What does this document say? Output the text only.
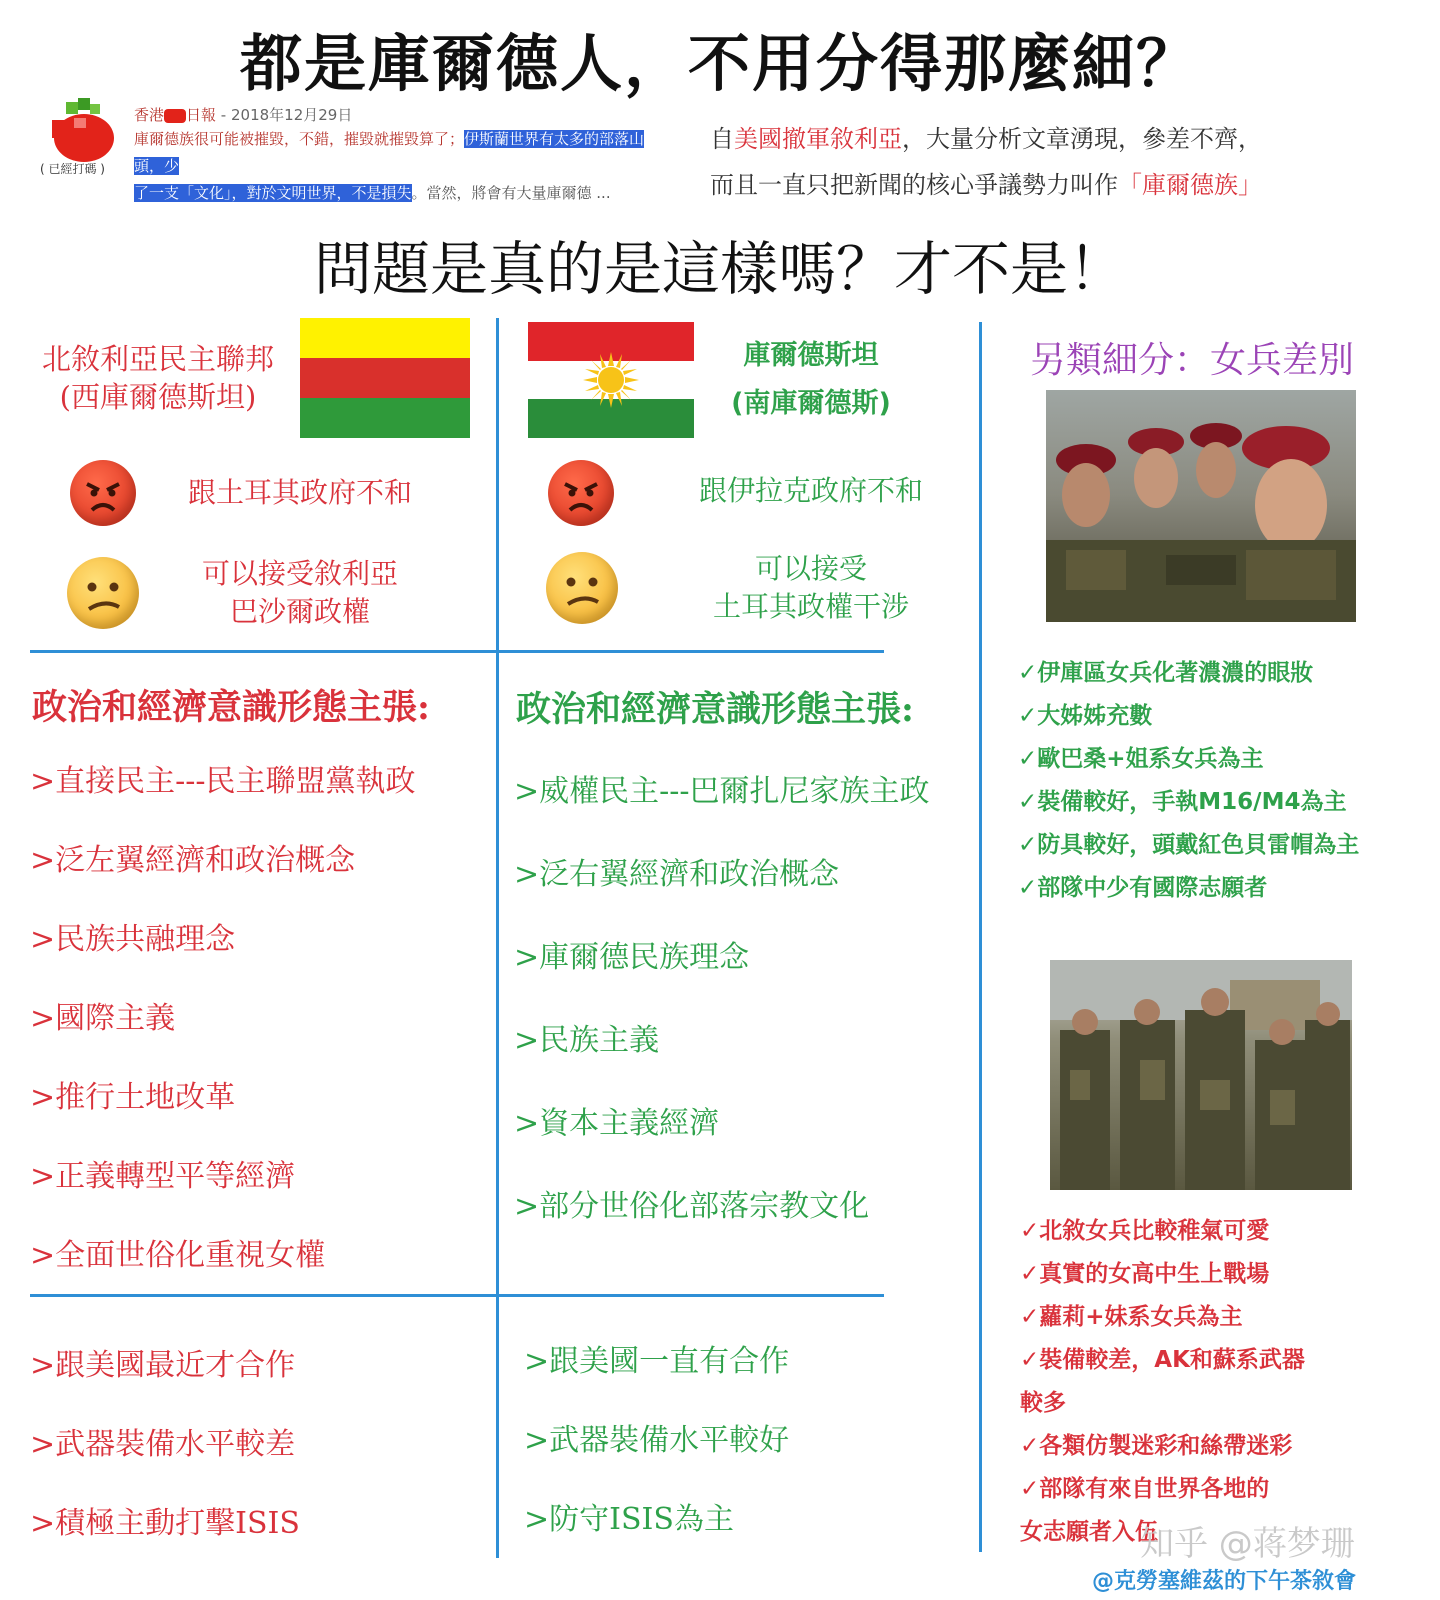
都是庫爾德人，不用分得那麼細？
問題是真的是這樣嗎？才不是！
( 已經打碼 )
香港 日報 - 2018年12月29日
庫爾德族很可能被摧毀，不錯，摧毀就摧毀算了；伊斯蘭世界有太多的部落山頭，少
了一支「文化」，對於文明世界，不是損失。當然，將會有大量庫爾德 ...
自美國撤軍敘利亞，大量分析文章湧現，參差不齊，
而且一直只把新聞的核心爭議勢力叫作「庫爾德族」
北敘利亞民主聯邦
(西庫爾德斯坦)
跟土耳其政府不和
可以接受敘利亞
巴沙爾政權
政治和經濟意識形態主張:
>直接民主---民主聯盟黨執政
>泛左翼經濟和政治概念
>民族共融理念
>國際主義
>推行土地改革
>正義轉型平等經濟
>全面世俗化重視女權
>跟美國最近才合作
>武器裝備水平較差
>積極主動打擊ISIS
庫爾德斯坦
(南庫爾德斯)
跟伊拉克政府不和
可以接受
土耳其政權干涉
政治和經濟意識形態主張:
>威權民主---巴爾扎尼家族主政
>泛右翼經濟和政治概念
>庫爾德民族理念
>民族主義
>資本主義經濟
>部分世俗化部落宗教文化
>跟美國一直有合作
>武器裝備水平較好
>防守ISIS為主
另類細分：女兵差別
✓伊庫區女兵化著濃濃的眼妝
✓大姊姊充數
✓歐巴桑+姐系女兵為主
✓裝備較好，手執M16/M4為主
✓防具較好，頭戴紅色貝雷帽為主
✓部隊中少有國際志願者
✓北敘女兵比較稚氣可愛
✓真實的女高中生上戰場
✓蘿莉+妹系女兵為主
✓裝備較差，AK和蘇系武器
較多
✓各類仿製迷彩和絲帶迷彩
✓部隊有來自世界各地的
女志願者入伍
知乎 @蒋梦珊
@克勞塞維茲的下午茶敘會
